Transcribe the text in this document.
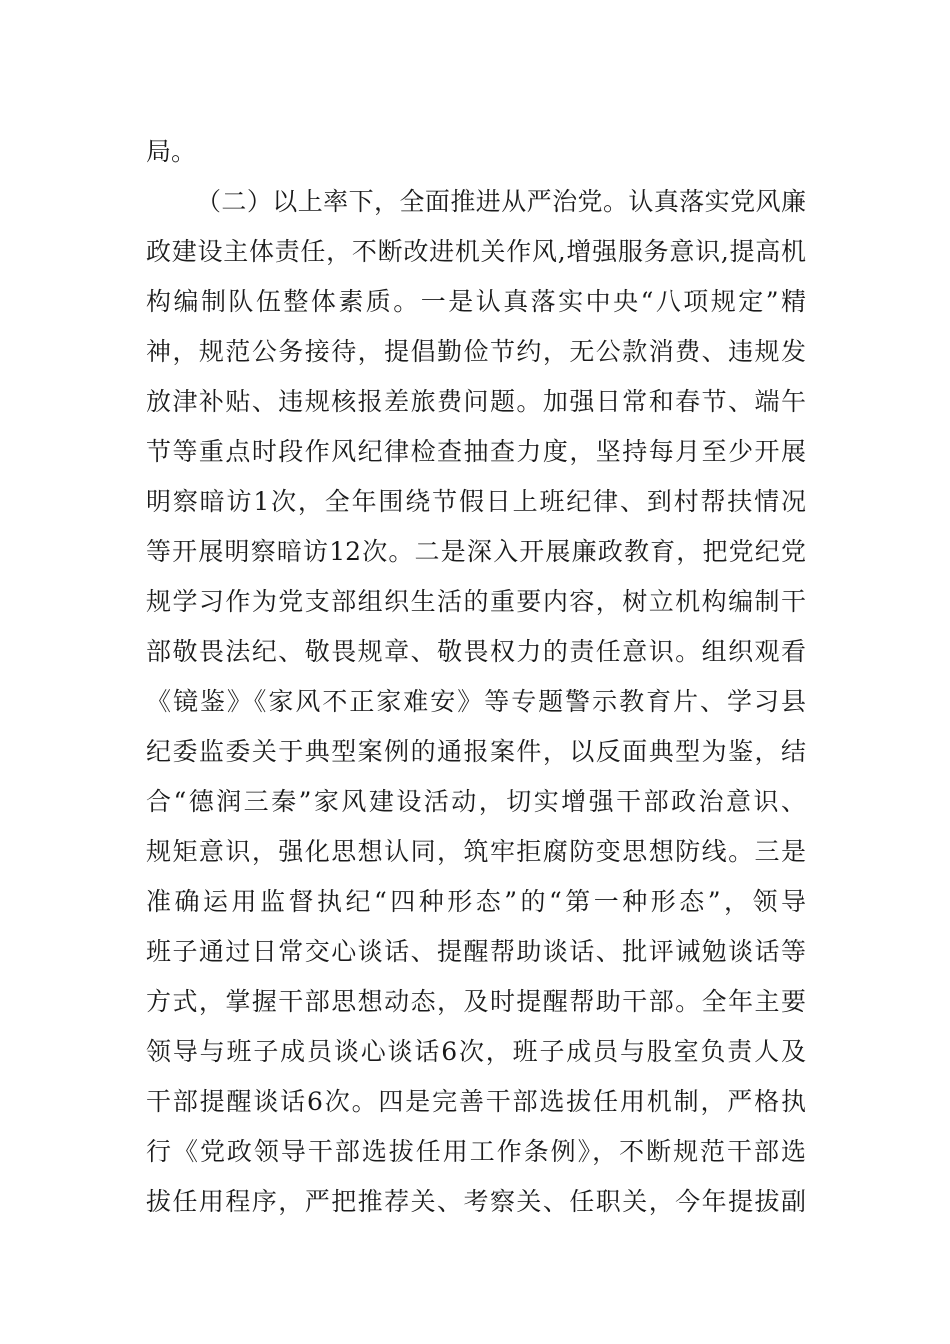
局。
（二）以上率下，全面推进从严治党。认真落实党风廉
政建设主体责任，不断改进机关作风,增强服务意识,提高机
构编制队伍整体素质。一是认真落实中央“八项规定”精
神，规范公务接待，提倡勤俭节约，无公款消费、违规发
放津补贴、违规核报差旅费问题。加强日常和春节、端午
节等重点时段作风纪律检查抽查力度，坚持每月至少开展
明察暗访1次，全年围绕节假日上班纪律、到村帮扶情况
等开展明察暗访12次。二是深入开展廉政教育，把党纪党
规学习作为党支部组织生活的重要内容，树立机构编制干
部敬畏法纪、敬畏规章、敬畏权力的责任意识。组织观看
《镜鉴》《家风不正家难安》等专题警示教育片、学习县
纪委监委关于典型案例的通报案件，以反面典型为鉴，结
合“德润三秦”家风建设活动，切实增强干部政治意识、
规矩意识，强化思想认同，筑牢拒腐防变思想防线。三是
准确运用监督执纪“四种形态”的“第一种形态”，领导
班子通过日常交心谈话、提醒帮助谈话、批评诫勉谈话等
方式，掌握干部思想动态，及时提醒帮助干部。全年主要
领导与班子成员谈心谈话6次，班子成员与股室负责人及
干部提醒谈话6次。四是完善干部选拔任用机制，严格执
行《党政领导干部选拔任用工作条例》，不断规范干部选
拔任用程序，严把推荐关、考察关、任职关，今年提拔副
